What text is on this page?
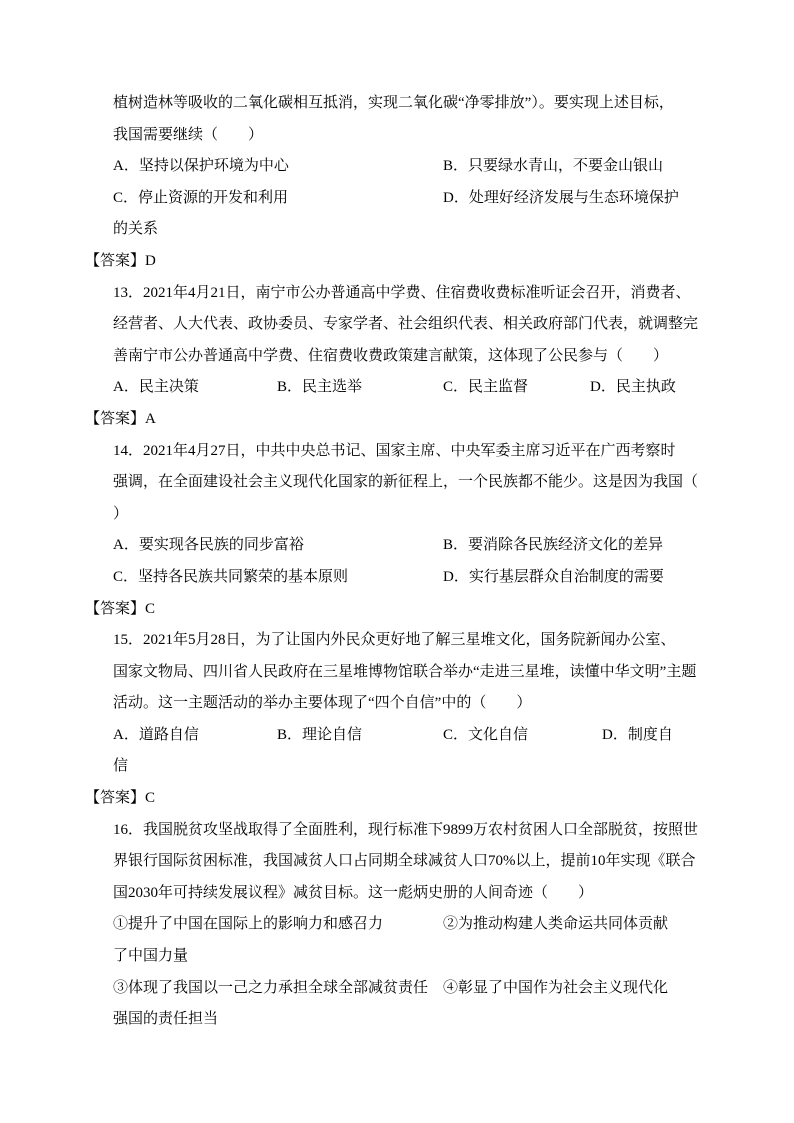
植树造林等吸收的二氧化碳相互抵消，实现二氧化碳“净零排放”）。要实现上述目标，
我国需要继续（　　）
A．坚持以保护环境为中心	B．只要绿水青山，不要金山银山
C．停止资源的开发和利用	D．处理好经济发展与生态环境保护
的关系
【答案】D
13．2021年4月21日，南宁市公办普通高中学费、住宿费收费标准听证会召开，消费者、
经营者、人大代表、政协委员、专家学者、社会组织代表、相关政府部门代表，就调整完
善南宁市公办普通高中学费、住宿费收费政策建言献策，这体现了公民参与（　　）
A．民主决策	B．民主选举	C．民主监督	D．民主执政
【答案】A
14．2021年4月27日，中共中央总书记、国家主席、中央军委主席习近平在广西考察时
强调，在全面建设社会主义现代化国家的新征程上，一个民族都不能少。这是因为我国（
）
A．要实现各民族的同步富裕	B．要消除各民族经济文化的差异
C．坚持各民族共同繁荣的基本原则	D．实行基层群众自治制度的需要
【答案】C
15．2021年5月28日，为了让国内外民众更好地了解三星堆文化，国务院新闻办公室、
国家文物局、四川省人民政府在三星堆博物馆联合举办“走进三星堆，读懂中华文明”主题
活动。这一主题活动的举办主要体现了“四个自信”中的（　　）
A．道路自信	B．理论自信	C．文化自信	D．制度自
信
【答案】C
16．我国脱贫攻坚战取得了全面胜利，现行标准下9899万农村贫困人口全部脱贫，按照世
界银行国际贫困标准，我国减贫人口占同期全球减贫人口70%以上，提前10年实现《联合
国2030年可持续发展议程》减贫目标。这一彪炳史册的人间奇迹（　　）
①提升了中国在国际上的影响力和感召力	②为推动构建人类命运共同体贡献
了中国力量
③体现了我国以一己之力承担全球全部减贫责任 ④彰显了中国作为社会主义现代化
强国的责任担当
